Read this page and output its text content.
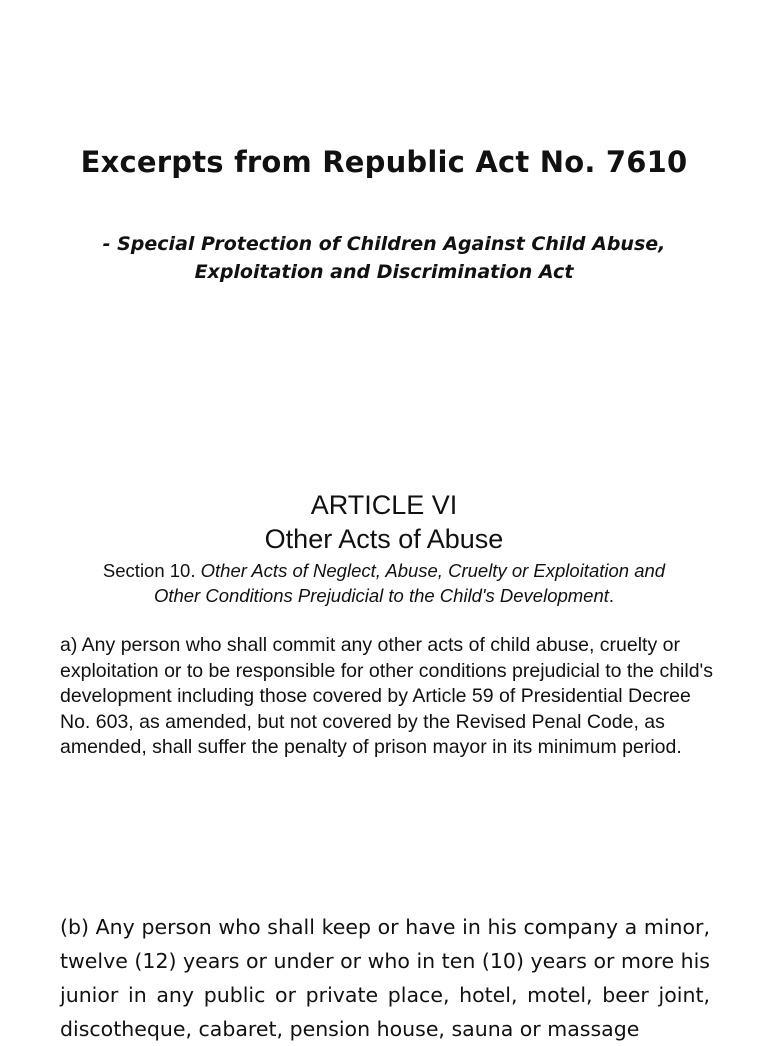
Excerpts from Republic Act No. 7610

- Special Protection of Children Against Child Abuse,
Exploitation and Discrimination Act

ARTICLE VI
Other Acts of Abuse

Section 10. Other Acts of Neglect, Abuse, Cruelty or Exploitation and
Other Conditions Prejudicial to the Child's Development.

a) Any person who shall commit any other acts of child abuse, cruelty or exploitation or to be responsible for other conditions prejudicial to the child's development including those covered by Article 59 of Presidential Decree No. 603, as amended, but not covered by the Revised Penal Code, as amended, shall suffer the penalty of prison mayor in its minimum period.

(b) Any person who shall keep or have in his company a minor, twelve (12) years or under or who in ten (10) years or more his junior in any public or private place, hotel, motel, beer joint, discotheque, cabaret, pension house, sauna or massage
